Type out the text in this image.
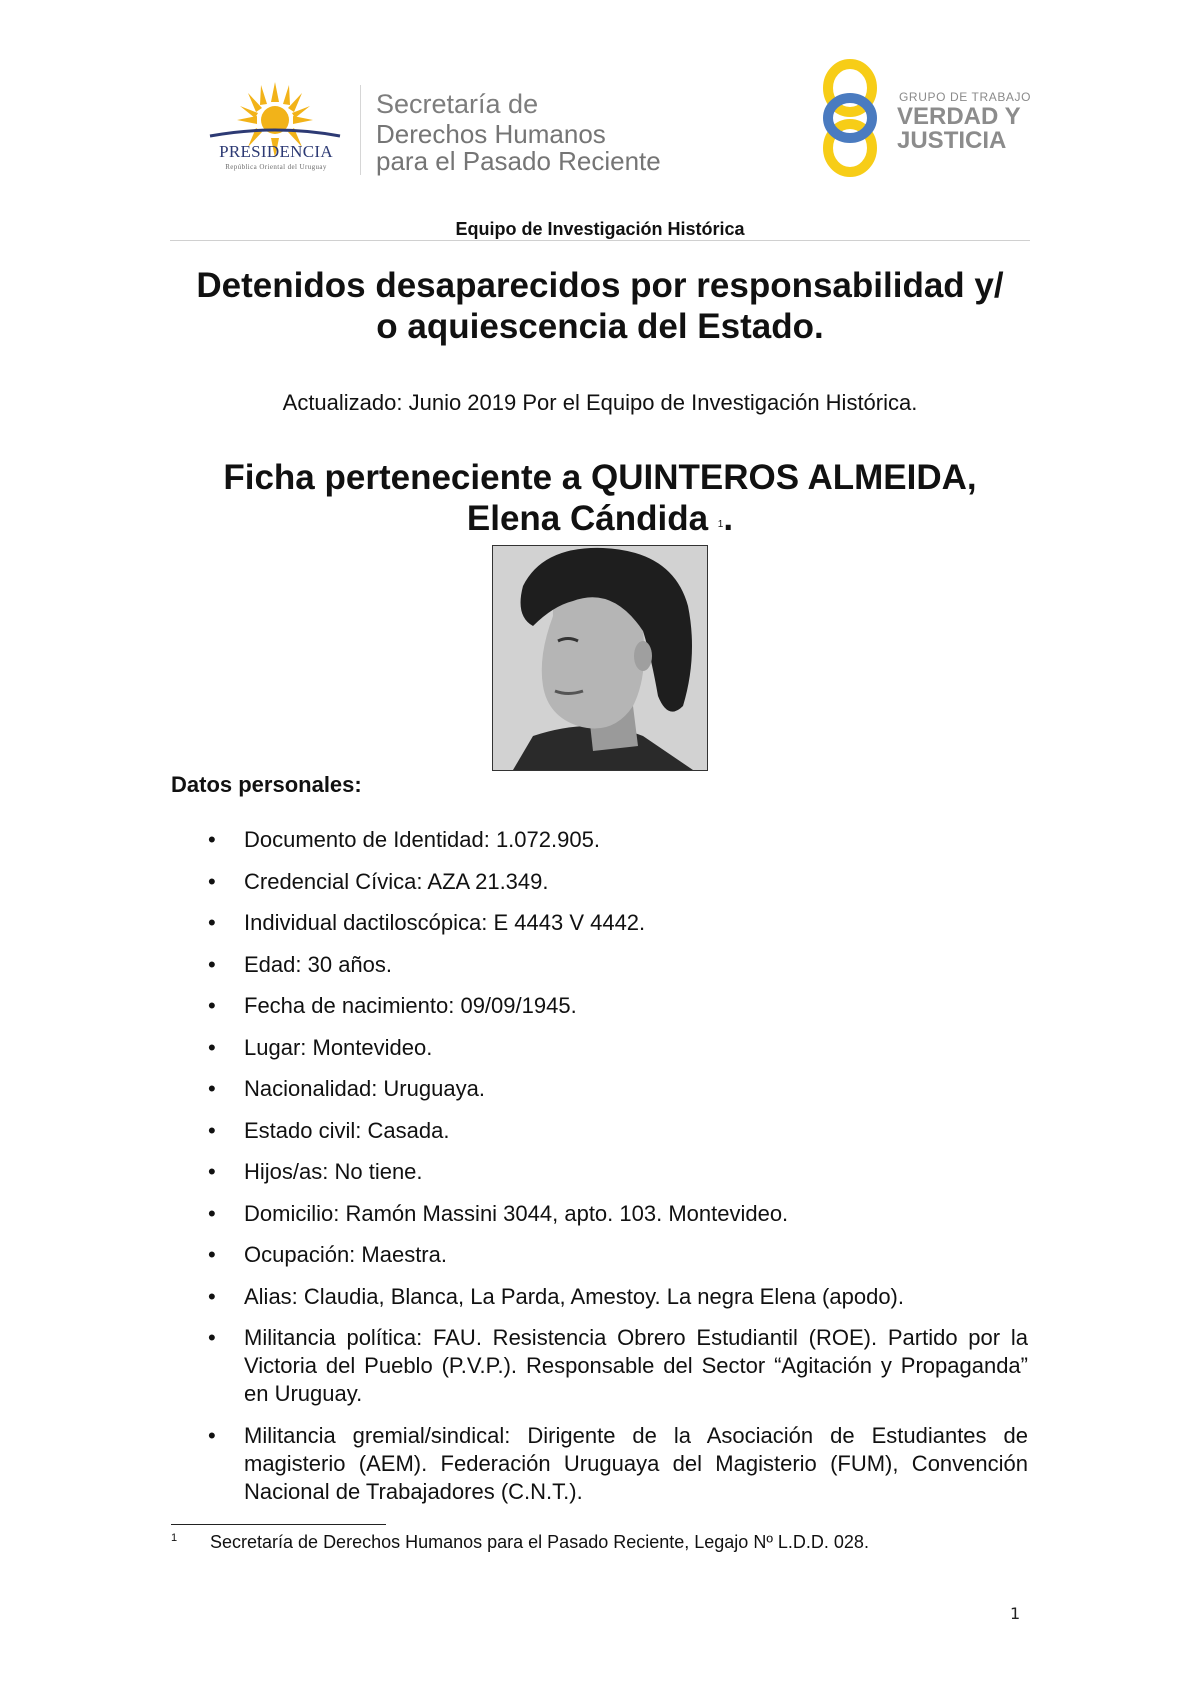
PRESIDENCIA
República Oriental del Uruguay
Secretaría de
Derechos Humanos
para el Pasado Reciente
GRUPO DE TRABAJO
VERDAD Y
JUSTICIA
Equipo de Investigación Histórica
Detenidos desaparecidos por responsabilidad y/
o aquiescencia del Estado.
Actualizado: Junio 2019 Por el Equipo de Investigación Histórica.
Ficha perteneciente a QUINTEROS ALMEIDA,
Elena Cándida $^1$.
Datos personales:
•	Documento de Identidad: 1.072.905.
•	Credencial Cívica: AZA 21.349.
•	Individual dactiloscópica: E 4443 V 4442.
•	Edad: 30 años.
•	Fecha de nacimiento: 09/09/1945.
•	Lugar: Montevideo.
•	Nacionalidad: Uruguaya.
•	Estado civil: Casada.
•	Hijos/as: No tiene.
•	Domicilio: Ramón Massini 3044, apto. 103. Montevideo.
•	Ocupación: Maestra.
•	Alias: Claudia, Blanca, La Parda, Amestoy. La negra Elena (apodo).
•	Militancia política: FAU. Resistencia Obrero Estudiantil (ROE). Partido por la Victoria del Pueblo (P.V.P.). Responsable del Sector “Agitación y Propaganda” en Uruguay.
•	Militancia gremial/sindical: Dirigente de la Asociación de Estudiantes de magisterio (AEM). Federación Uruguaya del Magisterio (FUM), Convención Nacional de Trabajadores (C.N.T.).
1 Secretaría de Derechos Humanos para el Pasado Reciente, Legajo Nº L.D.D. 028.
1
